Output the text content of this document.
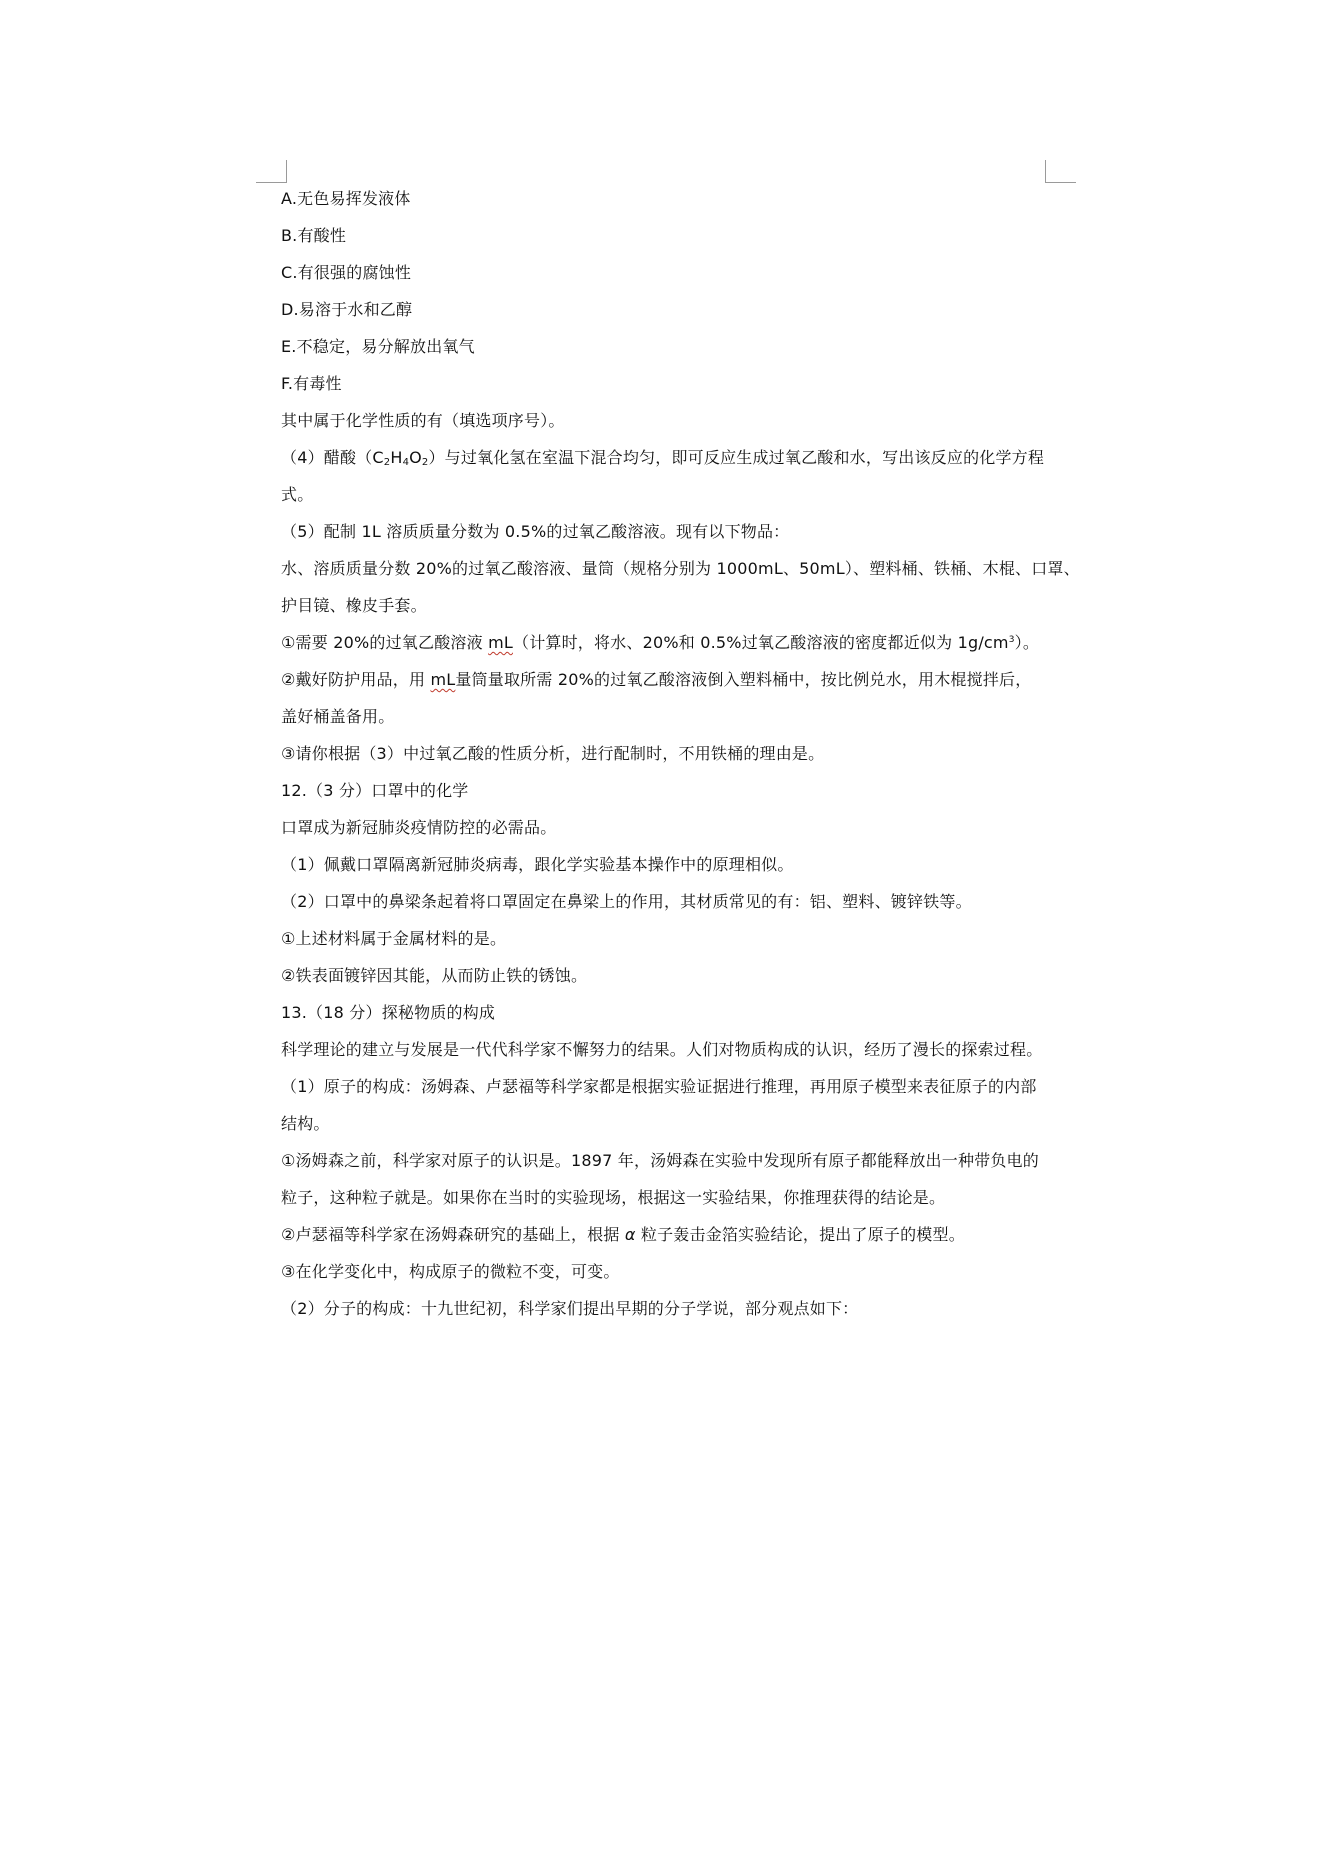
A.无色易挥发液体
B.有酸性
C.有很强的腐蚀性
D.易溶于水和乙醇
E.不稳定，易分解放出氧气
F.有毒性
其中属于化学性质的有（填选项序号）。
（4）醋酸$(C_2H_4O_2)$与过氧化氢在室温下混合均匀，即可反应生成过氧乙酸和水，写出该反应的化学方程
式。
（5）配制 1L 溶质质量分数为 0.5%的过氧乙酸溶液。现有以下物品：
水、溶质质量分数 20%的过氧乙酸溶液、量筒（规格分别为 1000mL、50mL）、塑料桶、铁桶、木棍、口罩、
护目镜、橡皮手套。
①需要 20%的过氧乙酸溶液 mL（计算时，将水、20%和 0.5%过氧乙酸溶液的密度都近似为 $1g/cm^3$）。
②戴好防护用品，用 mL量筒量取所需 20%的过氧乙酸溶液倒入塑料桶中，按比例兑水，用木棍搅拌后，
盖好桶盖备用。
③请你根据（3）中过氧乙酸的性质分析，进行配制时，不用铁桶的理由是。
12.（3 分）口罩中的化学
口罩成为新冠肺炎疫情防控的必需品。
（1）佩戴口罩隔离新冠肺炎病毒，跟化学实验基本操作中的原理相似。
（2）口罩中的鼻梁条起着将口罩固定在鼻梁上的作用，其材质常见的有：铝、塑料、镀锌铁等。
①上述材料属于金属材料的是。
②铁表面镀锌因其能，从而防止铁的锈蚀。
13.（18 分）探秘物质的构成
科学理论的建立与发展是一代代科学家不懈努力的结果。人们对物质构成的认识，经历了漫长的探索过程。
（1）原子的构成：汤姆森、卢瑟福等科学家都是根据实验证据进行推理，再用原子模型来表征原子的内部
结构。
①汤姆森之前，科学家对原子的认识是。1897 年，汤姆森在实验中发现所有原子都能释放出一种带负电的
粒子，这种粒子就是。如果你在当时的实验现场，根据这一实验结果，你推理获得的结论是。
②卢瑟福等科学家在汤姆森研究的基础上，根据 α 粒子轰击金箔实验结论，提出了原子的模型。
③在化学变化中，构成原子的微粒不变，可变。
（2）分子的构成：十九世纪初，科学家们提出早期的分子学说，部分观点如下：
